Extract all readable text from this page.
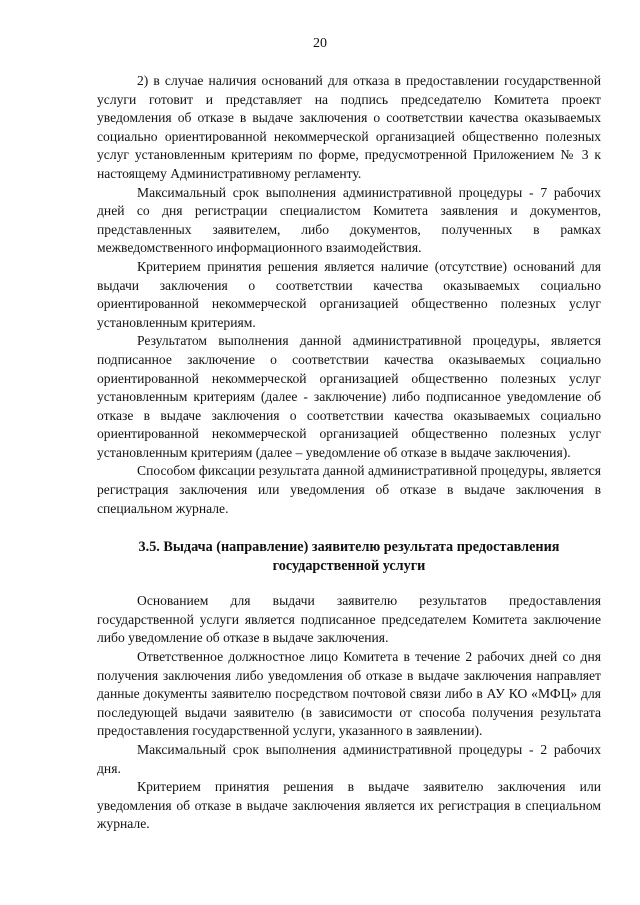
20

2) в случае наличия оснований для отказа в предоставлении государственной услуги готовит и представляет на подпись председателю Комитета проект уведомления об отказе в выдаче заключения о соответствии качества оказываемых социально ориентированной некоммерческой организацией общественно полезных услуг установленным критериям по форме, предусмотренной Приложением № 3 к настоящему Административному регламенту.

Максимальный срок выполнения административной процедуры - 7 рабочих дней со дня регистрации специалистом Комитета заявления и документов, представленных заявителем, либо документов, полученных в рамках межведомственного информационного взаимодействия.

Критерием принятия решения является наличие (отсутствие) оснований для выдачи заключения о соответствии качества оказываемых социально ориентированной некоммерческой организацией общественно полезных услуг установленным критериям.

Результатом выполнения данной административной процедуры, является подписанное заключение о соответствии качества оказываемых социально ориентированной некоммерческой организацией общественно полезных услуг установленным критериям (далее - заключение) либо подписанное уведомление об отказе в выдаче заключения о соответствии качества оказываемых социально ориентированной некоммерческой организацией общественно полезных услуг установленным критериям (далее – уведомление об отказе в выдаче заключения).

Способом фиксации результата данной административной процедуры, является регистрация заключения или уведомления об отказе в выдаче заключения в специальном журнале.

3.5. Выдача (направление) заявителю результата предоставления государственной услуги

Основанием для выдачи заявителю результатов предоставления государственной услуги является подписанное председателем Комитета заключение либо уведомление об отказе в выдаче заключения.

Ответственное должностное лицо Комитета в течение 2 рабочих дней со дня получения заключения либо уведомления об отказе в выдаче заключения направляет данные документы заявителю посредством почтовой связи либо в АУ КО «МФЦ» для последующей выдачи заявителю (в зависимости от способа получения результата предоставления государственной услуги, указанного в заявлении).

Максимальный срок выполнения административной процедуры - 2 рабочих дня.

Критерием принятия решения в выдаче заявителю заключения или уведомления об отказе в выдаче заключения является их регистрация в специальном журнале.
